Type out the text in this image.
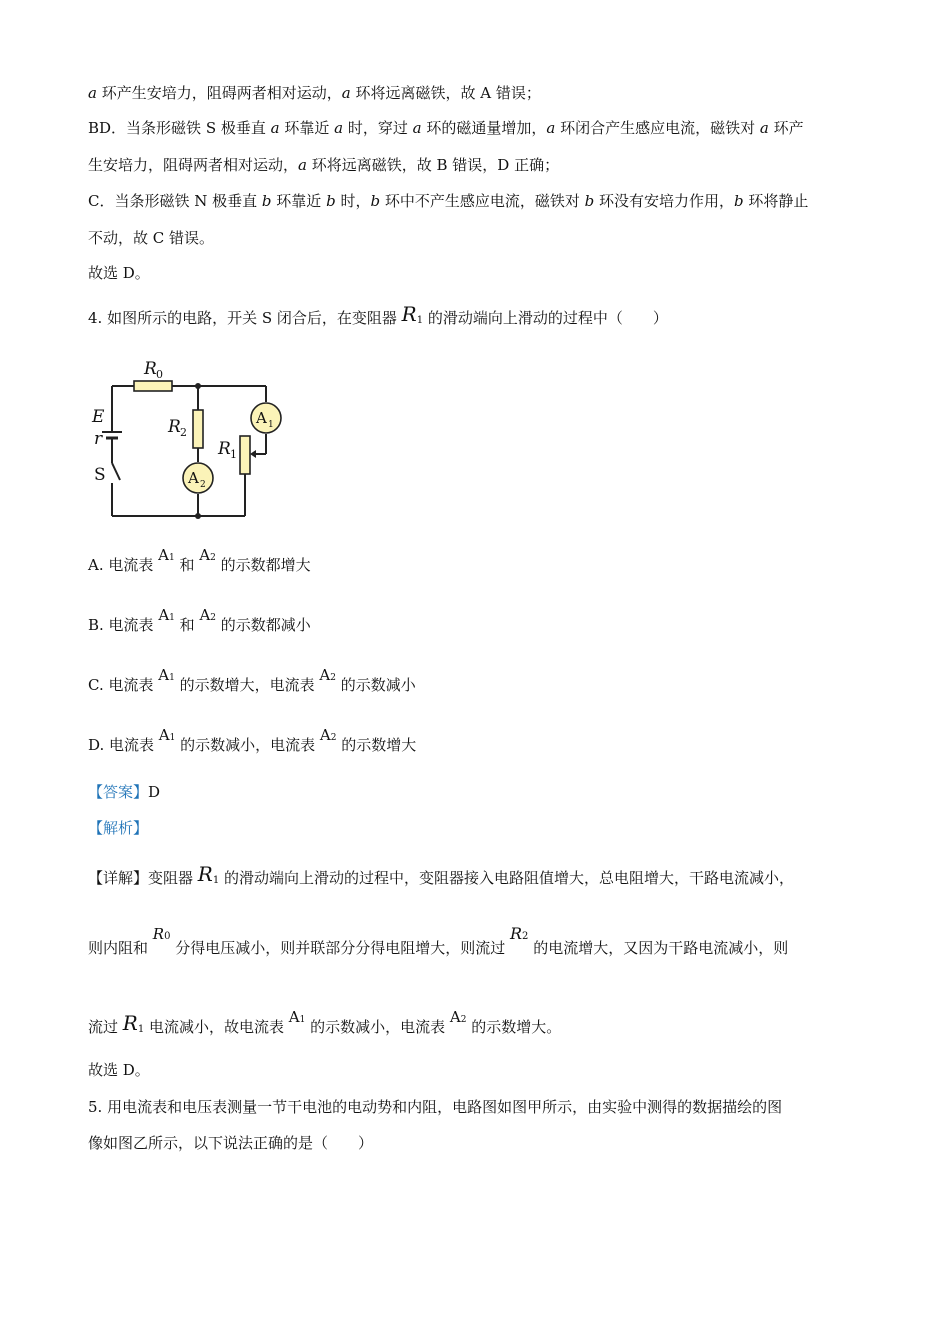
a 环产生安培力，阻碍两者相对运动，a 环将远离磁铁，故 A 错误；
BD．当条形磁铁 S 极垂直 a 环靠近 a 时，穿过 a 环的磁通量增加，a 环闭合产生感应电流，磁铁对 a 环产
生安培力，阻碍两者相对运动，a 环将远离磁铁，故 B 错误，D 正确；
C．当条形磁铁 N 极垂直 b 环靠近 b 时，b 环中不产生感应电流，磁铁对 b 环没有安培力作用，b 环将静止
不动，故 C 错误。
故选 D。
4. 如图所示的电路，开关 S 闭合后，在变阻器 R1 的滑动端向上滑动的过程中（　　）
R 0
R 2
R 1
E
r
S
A 1
A 2
A. 电流表 A1 和 A2 的示数都增大
B. 电流表 A1 和 A2 的示数都减小
C. 电流表 A1 的示数增大，电流表 A2 的示数减小
D. 电流表 A1 的示数减小，电流表 A2 的示数增大
【答案】D
【解析】
【详解】变阻器 R1 的滑动端向上滑动的过程中，变阻器接入电路阻值增大，总电阻增大，干路电流减小，
则内阻和 R0 分得电压减小，则并联部分分得电阻增大，则流过 R2 的电流增大，又因为干路电流减小，则
流过 R1 电流减小，故电流表 A1 的示数减小，电流表 A2 的示数增大。
故选 D。
5. 用电流表和电压表测量一节干电池的电动势和内阻，电路图如图甲所示，由实验中测得的数据描绘的图
像如图乙所示，以下说法正确的是（　　）
